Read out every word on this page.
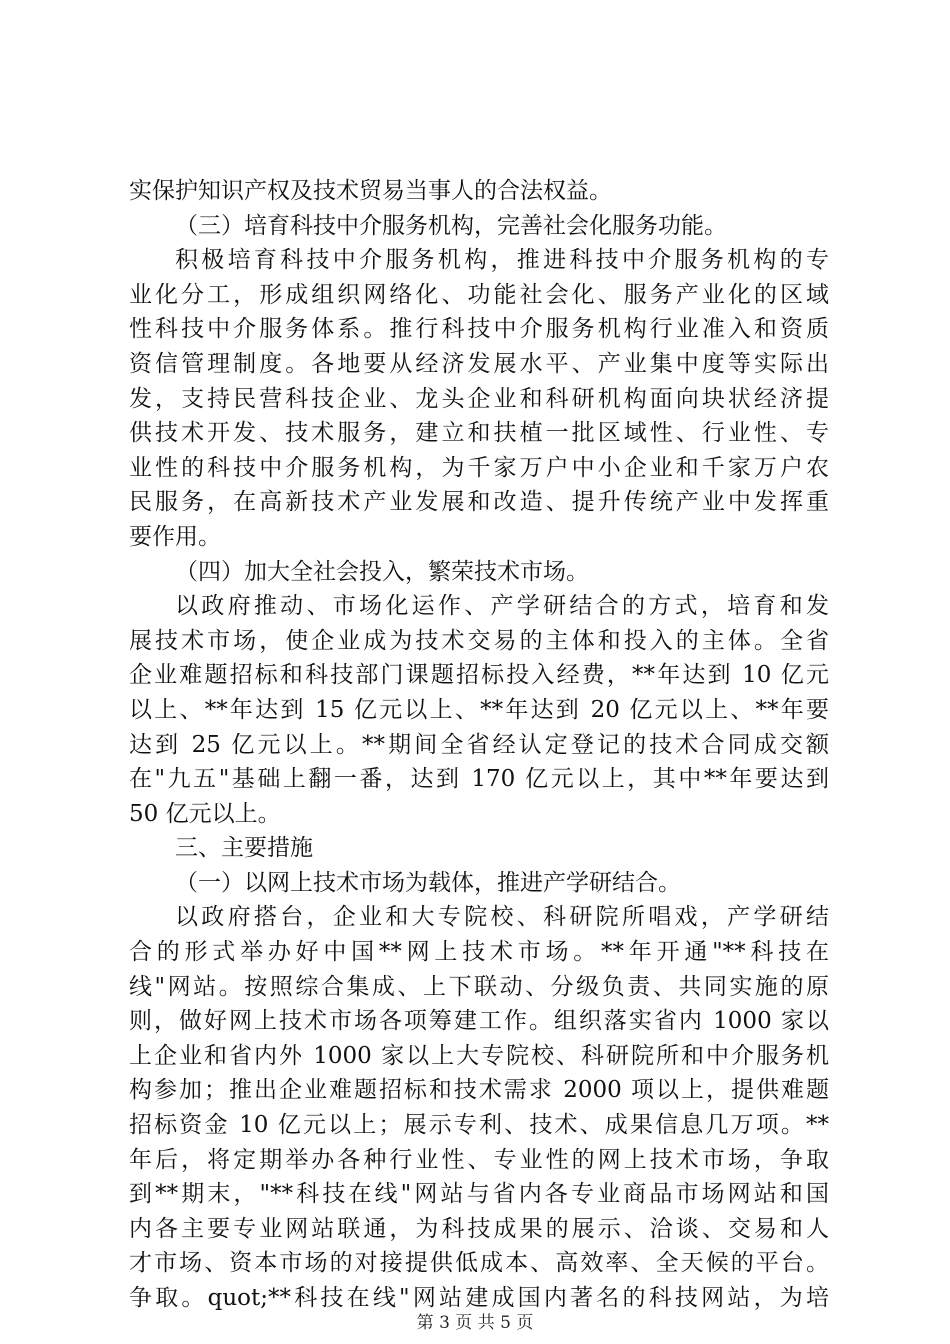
实保护知识产权及技术贸易当事人的合法权益。
（三）培育科技中介服务机构，完善社会化服务功能。
积极培育科技中介服务机构，推进科技中介服务机构的专
业化分工，形成组织网络化、功能社会化、服务产业化的区域
性科技中介服务体系。推行科技中介服务机构行业准入和资质
资信管理制度。各地要从经济发展水平、产业集中度等实际出
发，支持民营科技企业、龙头企业和科研机构面向块状经济提
供技术开发、技术服务，建立和扶植一批区域性、行业性、专
业性的科技中介服务机构，为千家万户中小企业和千家万户农
民服务，在高新技术产业发展和改造、提升传统产业中发挥重
要作用。
（四）加大全社会投入，繁荣技术市场。
以政府推动、市场化运作、产学研结合的方式，培育和发
展技术市场，使企业成为技术交易的主体和投入的主体。全省
企业难题招标和科技部门课题招标投入经费，**年达到 10 亿元
以上、**年达到 15 亿元以上、**年达到 20 亿元以上、**年要
达到 25 亿元以上。**期间全省经认定登记的技术合同成交额
在"九五"基础上翻一番，达到 170 亿元以上，其中**年要达到
50 亿元以上。
三、主要措施
（一）以网上技术市场为载体，推进产学研结合。
以政府搭台，企业和大专院校、科研院所唱戏，产学研结
合的形式举办好中国**网上技术市场。**年开通"**科技在
线"网站。按照综合集成、上下联动、分级负责、共同实施的原
则，做好网上技术市场各项筹建工作。组织落实省内 1000 家以
上企业和省内外 1000 家以上大专院校、科研院所和中介服务机
构参加；推出企业难题招标和技术需求 2000 项以上，提供难题
招标资金 10 亿元以上；展示专利、技术、成果信息几万项。**
年后，将定期举办各种行业性、专业性的网上技术市场，争取
到**期末，"**科技在线"网站与省内各专业商品市场网站和国
内各主要专业网站联通，为科技成果的展示、洽谈、交易和人
才市场、资本市场的对接提供低成本、高效率、全天候的平台。
争取。quot;**科技在线"网站建成国内著名的科技网站，为培
第 3 页 共 5 页
